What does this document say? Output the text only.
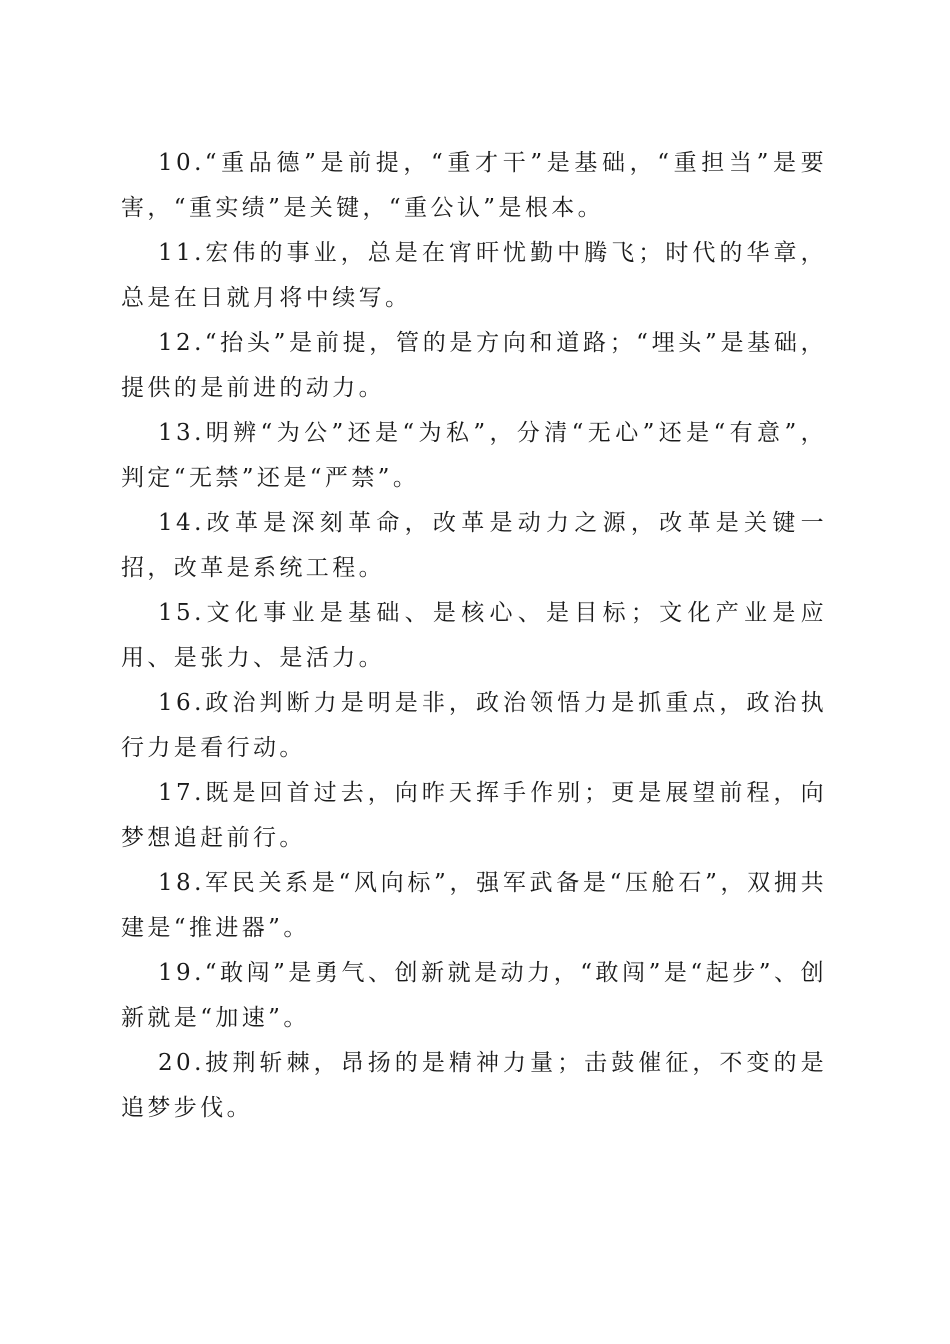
10.“重品德”是前提，“重才干”是基础，“重担当”是要害，“重实绩”是关键，“重公认”是根本。

11.宏伟的事业，总是在宵旰忧勤中腾飞；时代的华章，总是在日就月将中续写。

12.“抬头”是前提，管的是方向和道路；“埋头”是基础，提供的是前进的动力。

13.明辨“为公”还是“为私”，分清“无心”还是“有意”，判定“无禁”还是“严禁”。

14.改革是深刻革命，改革是动力之源，改革是关键一招，改革是系统工程。

15.文化事业是基础、是核心、是目标；文化产业是应用、是张力、是活力。

16.政治判断力是明是非，政治领悟力是抓重点，政治执行力是看行动。

17.既是回首过去，向昨天挥手作别；更是展望前程，向梦想追赶前行。

18.军民关系是“风向标”，强军武备是“压舱石”，双拥共建是“推进器”。

19.“敢闯”是勇气、创新就是动力，“敢闯”是“起步”、创新就是“加速”。

20.披荆斩棘，昂扬的是精神力量；击鼓催征，不变的是追梦步伐。
